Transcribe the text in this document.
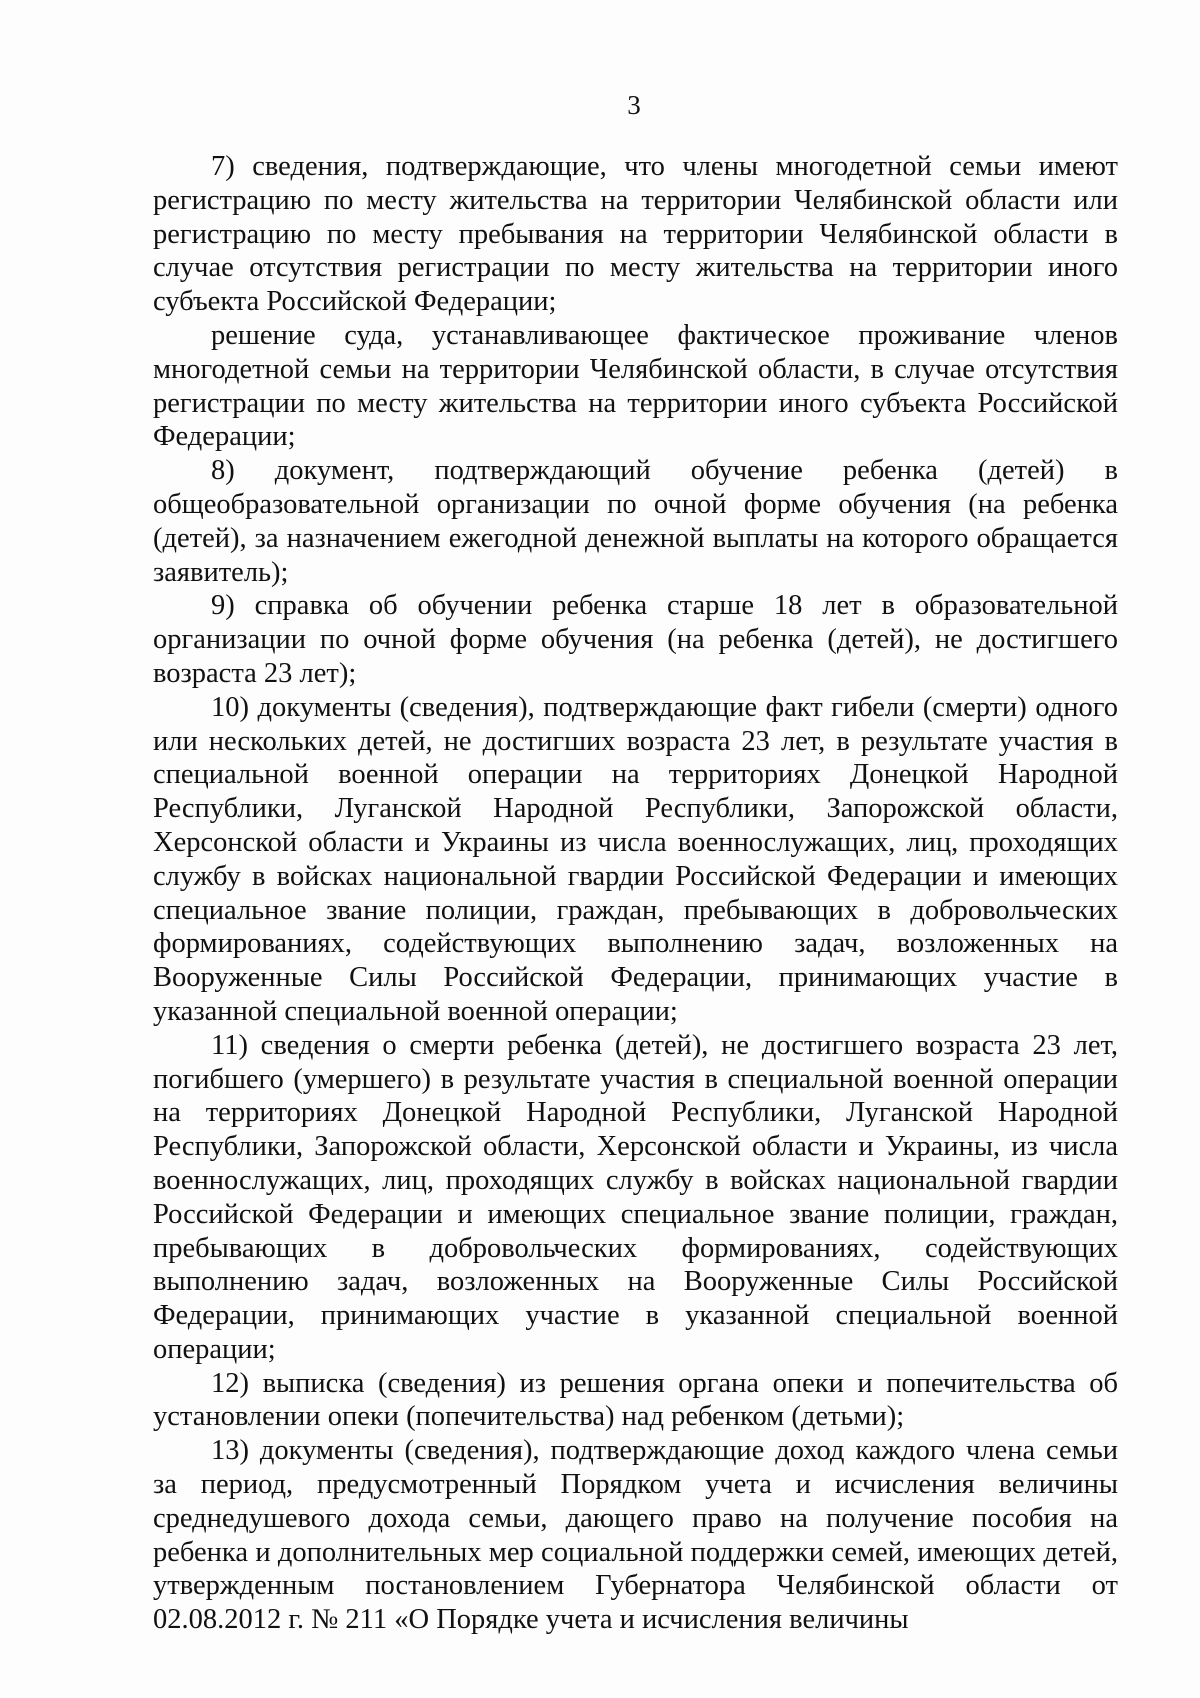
3

7) сведения, подтверждающие, что члены многодетной семьи имеют регистрацию по месту жительства на территории Челябинской области или регистрацию по месту пребывания на территории Челябинской области в случае отсутствия регистрации по месту жительства на территории иного субъекта Российской Федерации;

решение суда, устанавливающее фактическое проживание членов многодетной семьи на территории Челябинской области, в случае отсутствия регистрации по месту жительства на территории иного субъекта Российской Федерации;

8) документ, подтверждающий обучение ребенка (детей) в общеобразовательной организации по очной форме обучения (на ребенка (детей), за назначением ежегодной денежной выплаты на которого обращается заявитель);

9) справка об обучении ребенка старше 18 лет в образовательной организации по очной форме обучения (на ребенка (детей), не достигшего возраста 23 лет);

10) документы (сведения), подтверждающие факт гибели (смерти) одного или нескольких детей, не достигших возраста 23 лет, в результате участия в специальной военной операции на территориях Донецкой Народной Республики, Луганской Народной Республики, Запорожской области, Херсонской области и Украины из числа военнослужащих, лиц, проходящих службу в войсках национальной гвардии Российской Федерации и имеющих специальное звание полиции, граждан, пребывающих в добровольческих формированиях, содействующих выполнению задач, возложенных на Вооруженные Силы Российской Федерации, принимающих участие в указанной специальной военной операции;

11) сведения о смерти ребенка (детей), не достигшего возраста 23 лет, погибшего (умершего) в результате участия в специальной военной операции на территориях Донецкой Народной Республики, Луганской Народной Республики, Запорожской области, Херсонской области и Украины, из числа военнослужащих, лиц, проходящих службу в войсках национальной гвардии Российской Федерации и имеющих специальное звание полиции, граждан, пребывающих в добровольческих формированиях, содействующих выполнению задач, возложенных на Вооруженные Силы Российской Федерации, принимающих участие в указанной специальной военной операции;

12) выписка (сведения) из решения органа опеки и попечительства об установлении опеки (попечительства) над ребенком (детьми);

13) документы (сведения), подтверждающие доход каждого члена семьи за период, предусмотренный Порядком учета и исчисления величины среднедушевого дохода семьи, дающего право на получение пособия на ребенка и дополнительных мер социальной поддержки семей, имеющих детей, утвержденным постановлением Губернатора Челябинской области от 02.08.2012 г. № 211 «О Порядке учета и исчисления величины
